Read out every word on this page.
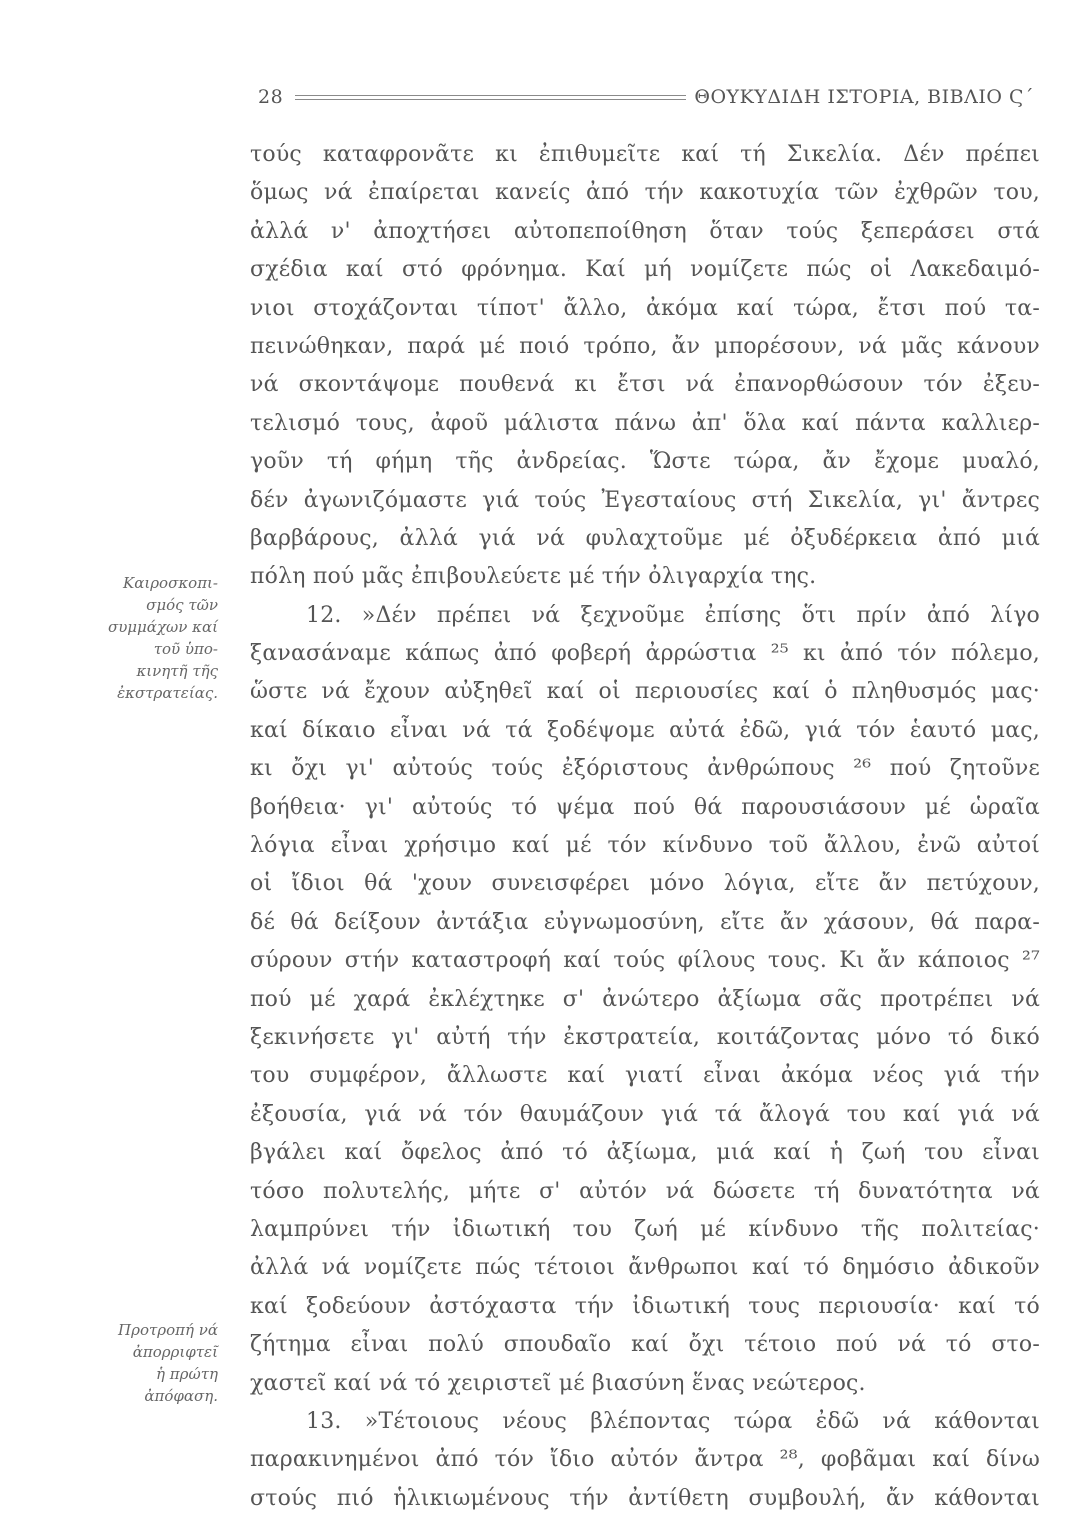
28	ΘΟΥΚΥΔΙΔΗ ΙΣΤΟΡΙΑ, ΒΙΒΛΙΟ Ϛ΄
Καιροσκοπι-
σμός τῶν
συμμάχων καί
τοῦ ὑπο-
κινητῆ τῆς
ἐκστρατείας.
Προτροπή νά
ἀπορριφτεῖ
ἡ πρώτη
ἀπόφαση.
τούς καταφρονᾶτε κι ἐπιθυμεῖτε καί τή Σικελία. Δέν πρέπει
ὅμως νά ἐπαίρεται κανείς ἀπό τήν κακοτυχία τῶν ἐχθρῶν του,
ἀλλά ν' ἀποχτήσει αὐτοπεποίθηση ὅταν τούς ξεπεράσει στά
σχέδια καί στό φρόνημα. Καί μή νομίζετε πώς οἱ Λακεδαιμό-
νιοι στοχάζονται τίποτ' ἄλλο, ἀκόμα καί τώρα, ἔτσι πού τα-
πεινώθηκαν, παρά μέ ποιό τρόπο, ἄν μπορέσουν, νά μᾶς κάνουν
νά σκοντάψομε πουθενά κι ἔτσι νά ἐπανορθώσουν τόν ἐξευ-
τελισμό τους, ἀφοῦ μάλιστα πάνω ἀπ' ὅλα καί πάντα καλλιερ-
γοῦν τή φήμη τῆς ἀνδρείας. Ὥστε τώρα, ἄν ἔχομε μυαλό,
δέν ἀγωνιζόμαστε γιά τούς Ἐγεσταίους στή Σικελία, γι' ἄντρες
βαρβάρους, ἀλλά γιά νά φυλαχτοῦμε μέ ὀξυδέρκεια ἀπό μιά
πόλη πού μᾶς ἐπιβουλεύετε μέ τήν ὀλιγαρχία της.
12. »Δέν πρέπει νά ξεχνοῦμε ἐπίσης ὅτι πρίν ἀπό λίγο
ξανασάναμε κάπως ἀπό φοβερή ἀρρώστια ²⁵ κι ἀπό τόν πόλεμο,
ὥστε νά ἔχουν αὐξηθεῖ καί οἱ περιουσίες καί ὁ πληθυσμός μας·
καί δίκαιο εἶναι νά τά ξοδέψομε αὐτά ἐδῶ, γιά τόν ἑαυτό μας,
κι ὄχι γι' αὐτούς τούς ἐξόριστους ἀνθρώπους ²⁶ πού ζητοῦνε
βοήθεια· γι' αὐτούς τό ψέμα πού θά παρουσιάσουν μέ ὡραῖα
λόγια εἶναι χρήσιμο καί μέ τόν κίνδυνο τοῦ ἄλλου, ἐνῶ αὐτοί
οἱ ἴδιοι θά 'χουν συνεισφέρει μόνο λόγια, εἴτε ἄν πετύχουν,
δέ θά δείξουν ἀντάξια εὐγνωμοσύνη, εἴτε ἄν χάσουν, θά παρα-
σύρουν στήν καταστροφή καί τούς φίλους τους. Κι ἄν κάποιος ²⁷
πού μέ χαρά ἐκλέχτηκε σ' ἀνώτερο ἀξίωμα σᾶς προτρέπει νά
ξεκινήσετε γι' αὐτή τήν ἐκστρατεία, κοιτάζοντας μόνο τό δικό
του συμφέρον, ἄλλωστε καί γιατί εἶναι ἀκόμα νέος γιά τήν
ἐξουσία, γιά νά τόν θαυμάζουν γιά τά ἄλογά του καί γιά νά
βγάλει καί ὄφελος ἀπό τό ἀξίωμα, μιά καί ἡ ζωή του εἶναι
τόσο πολυτελής, μήτε σ' αὐτόν νά δώσετε τή δυνατότητα νά
λαμπρύνει τήν ἰδιωτική του ζωή μέ κίνδυνο τῆς πολιτείας·
ἀλλά νά νομίζετε πώς τέτοιοι ἄνθρωποι καί τό δημόσιο ἀδικοῦν
καί ξοδεύουν ἀστόχαστα τήν ἰδιωτική τους περιουσία· καί τό
ζήτημα εἶναι πολύ σπουδαῖο καί ὄχι τέτοιο πού νά τό στο-
χαστεῖ καί νά τό χειριστεῖ μέ βιασύνη ἕνας νεώτερος.
13. »Τέτοιους νέους βλέποντας τώρα ἐδῶ νά κάθονται
παρακινημένοι ἀπό τόν ἴδιο αὐτόν ἄντρα ²⁸, φοβᾶμαι καί δίνω
στούς πιό ἡλικιωμένους τήν ἀντίθετη συμβουλή, ἄν κάθονται
